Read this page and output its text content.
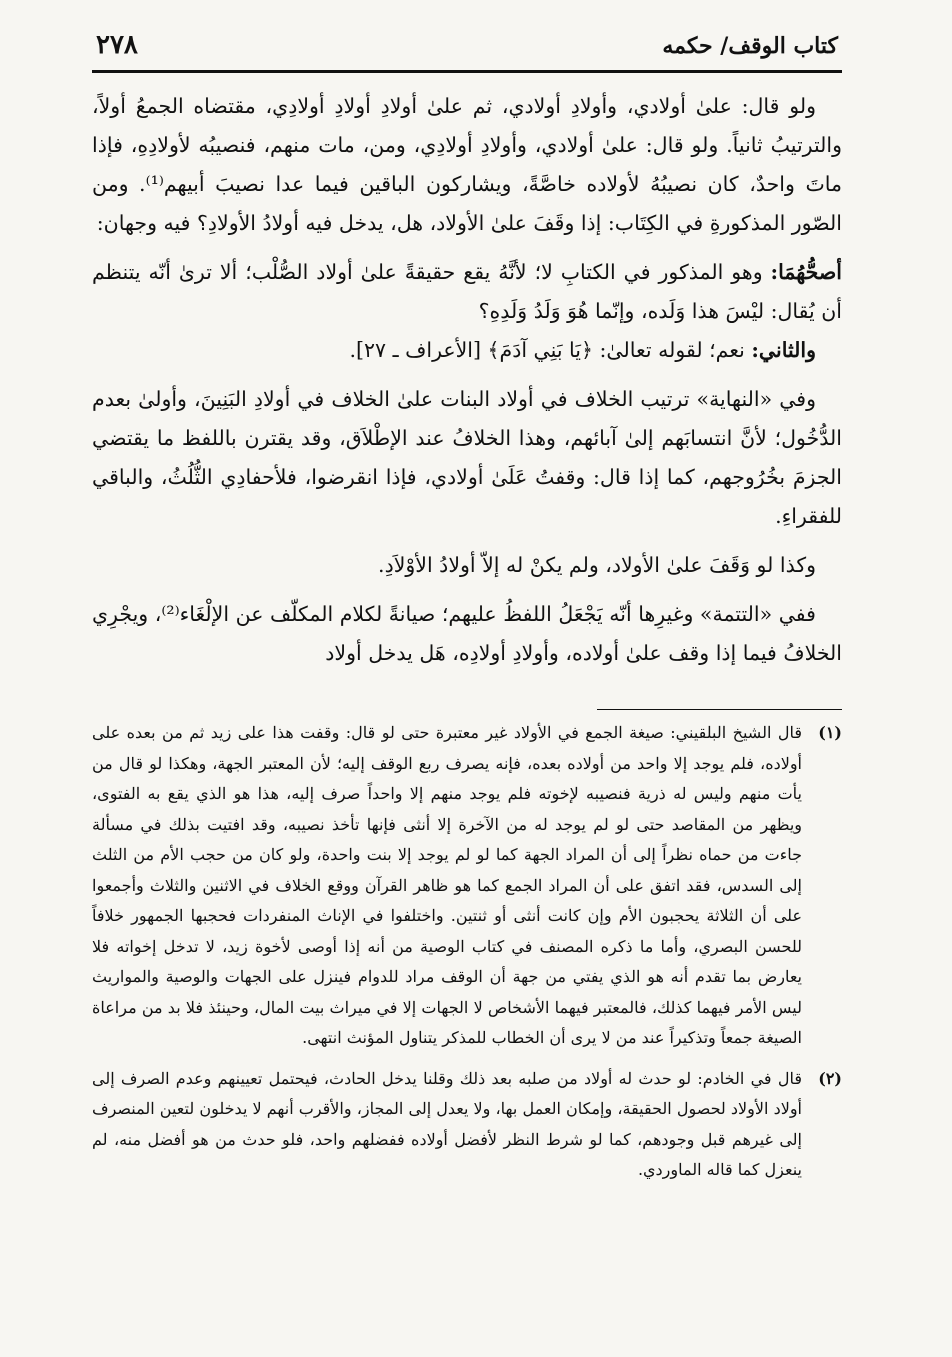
كتاب الوقف/ حكمه
٢٧٨

ولو قال: علىٰ أولادي، وأولادِ أولادي، ثم علىٰ أولادِ أولادِ أولادِي، مقتضاه الجمعُ أولاً، والترتيبُ ثانياً. ولو قال: علىٰ أولادي، وأولادِ أولادِي، ومن، مات منهم، فنصيبُه لأولادِهِ، فإذا ماتَ واحدٌ، كان نصيبُهُ لأولاده خاصَّةً، ويشاركون الباقين فيما عدا نصيبَ أبيهم⁽¹⁾. ومن الصّور المذكورةِ في الكِتَاب: إذا وقَفَ علىٰ الأولاد، هل، يدخل فيه أولادُ الأولادِ؟ فيه وجهان:

أصحُّهُمَا: وهو المذكور في الكتابِ لا؛ لأنَّهُ يقع حقيقةً علىٰ أولاد الصُّلْب؛ ألا ترىٰ أنّه يتنظم أن يُقال: ليْسَ هذا وَلَده، وإنّما هُوَ وَلَدُ وَلَدِهِ؟

والثاني: نعم؛ لقوله تعالىٰ: ﴿يَا بَنِي آدَمَ﴾ [الأعراف ـ ٢٧].

وفي «النهاية» ترتيب الخلاف في أولاد البنات علىٰ الخلاف في أولادِ البَنِينَ، وأولىٰ بعدم الدُّخُول؛ لأنَّ انتسابَهم إلىٰ آبائهم، وهذا الخلافُ عند الإطْلاَق، وقد يقترن باللفظ ما يقتضي الجزمَ بخُرُوجهم، كما إذا قال: وقفتُ عَلَىٰ أولادي، فإذا انقرضوا، فلأحفادِي الثُّلُثُ، والباقي للفقراءِ.

وكذا لو وَقَفَ علىٰ الأولاد، ولم يكنْ له إلاّ أولادُ الأوْلاَدِ.

ففي «التتمة» وغيرِها أنّه يَجْعَلُ اللفظُ عليهم؛ صيانةً لكلام المكلّف عن الإلْغَاء⁽²⁾، ويجْرِي الخلافُ فيما إذا وقف علىٰ أولاده، وأولادِ أولادِه، هَل يدخل أولاد

(١)
قال الشيخ البلقيني: صيغة الجمع في الأولاد غير معتبرة حتى لو قال: وقفت هذا على زيد ثم من بعده على أولاده، فلم يوجد إلا واحد من أولاده بعده، فإنه يصرف ربع الوقف إليه؛ لأن المعتبر الجهة، وهكذا لو قال من يأت منهم وليس له ذرية فنصيبه لإخوته فلم يوجد منهم إلا واحداً صرف إليه، هذا هو الذي يقع به الفتوى، ويظهر من المقاصد حتى لو لم يوجد له من الآخرة إلا أنثى فإنها تأخذ نصيبه، وقد افتيت بذلك في مسألة جاءت من حماه نظراً إلى أن المراد الجهة كما لو لم يوجد إلا بنت واحدة، ولو كان من حجب الأم من الثلث إلى السدس، فقد اتفق على أن المراد الجمع كما هو ظاهر القرآن ووقع الخلاف في الاثنين والثلاث وأجمعوا على أن الثلاثة يحجبون الأم وإن كانت أنثى أو ثنتين. واختلفوا في الإناث المنفردات فحجبها الجمهور خلافاً للحسن البصري، وأما ما ذكره المصنف في كتاب الوصية من أنه إذا أوصى لأخوة زيد، لا تدخل إخواته فلا يعارض بما تقدم أنه هو الذي يفتي من جهة أن الوقف مراد للدوام فينزل على الجهات والوصية والمواريث ليس الأمر فيهما كذلك، فالمعتبر فيهما الأشخاص لا الجهات إلا في ميراث بيت المال، وحينئذ فلا بد من مراعاة الصيغة جمعاً وتذكيراً عند من لا يرى أن الخطاب للمذكر يتناول المؤنث انتهى.
(٢)
قال في الخادم: لو حدث له أولاد من صلبه بعد ذلك وقلنا يدخل الحادث، فيحتمل تعيينهم وعدم الصرف إلى أولاد الأولاد لحصول الحقيقة، وإمكان العمل بها، ولا يعدل إلى المجاز، والأقرب أنهم لا يدخلون لتعين المنصرف إلى غيرهم قبل وجودهم، كما لو شرط النظر لأفضل أولاده ففضلهم واحد، فلو حدث من هو أفضل منه، لم ينعزل كما قاله الماوردي.
